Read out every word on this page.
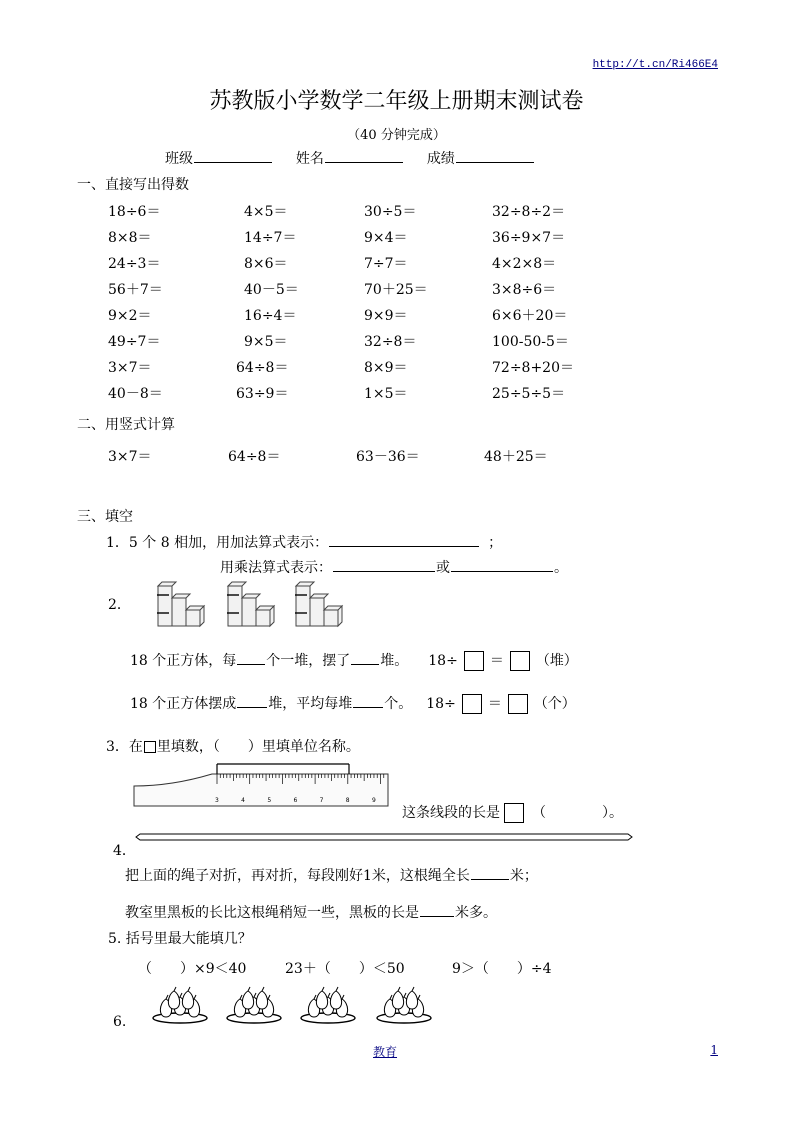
http://t.cn/Ri466E4
苏教版小学数学二年级上册期末测试卷
（40 分钟完成）
班级	姓名	成绩
一、直接写出得数
18÷6＝	4×5＝	30÷5＝	32÷8÷2＝
8×8＝	14÷7＝	9×4＝	36÷9×7＝
24÷3＝	8×6＝	7÷7＝	4×2×8＝
56＋7＝	40－5＝	70＋25＝	3×8÷6＝
9×2＝	16÷4＝	9×9＝	6×6＋20＝
49÷7＝	9×5＝	32÷8＝	100-50-5＝
3×7＝	64÷8＝	8×9＝	72÷8+20＝
40－8＝	63÷9＝	1×5＝	25÷5÷5＝
二、用竖式计算
3×7＝	64÷8＝	63－36＝	48＋25＝
三、填空
1．5 个 8 相加，用加法算式表示：	；
用乘法算式表示：	或	。
2．
18 个正方体，每 个一堆，摆了 堆。 18÷ ＝ （堆）
18 个正方体摆成 堆，平均每堆 个。 18÷ ＝ （个）
3．在 里填数，（　　）里填单位名称。
3	4	5	6	7	8	9
这条线段的长是 （　　　　）。
4．
把上面的绳子对折，再对折，每段刚好1米，这根绳全长	米；
教室里黑板的长比这根绳稍短一些，黑板的长是	米多。
5. 括号里最大能填几？
（　　）×9＜40	23＋（　　）＜50	9＞（　　）÷4
6.
教育	1
